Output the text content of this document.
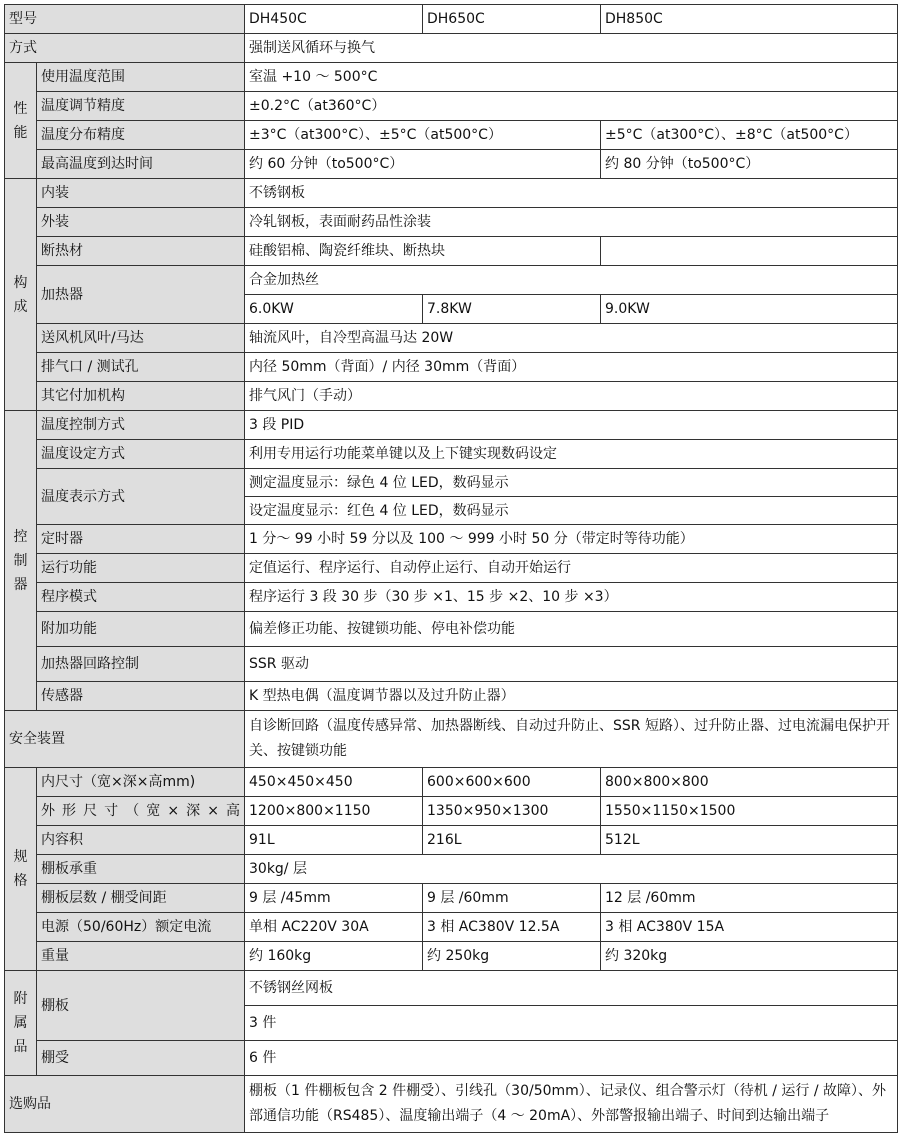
型号		DH450C	DH650C	DH850C
方式		强制送风循环与换气		

性
能	使用温度范围	室温 +10 ～ 500°C		
	温度调节精度	±0.2°C（at360°C）		
	温度分布精度	±3°C（at300°C）、±5°C（at500°C）		±5°C（at300°C）、±8°C（at500°C）
	最高温度到达时间	约 60 分钟（to500°C）		约 80 分钟（to500°C）

构
成	内装	不锈钢板		
	外装	冷轧钢板，表面耐药品性涂装		
	断热材	硅酸铝棉、陶瓷纤维块、断热块		
	加热器	合金加热丝		
		6.0KW	7.8KW	9.0KW
	送风机风叶/马达	轴流风叶，自冷型高温马达 20W		
	排气口 / 测试孔	内径 50mm（背面）/ 内径 30mm（背面）		
	其它付加机构	排气风门（手动）		

控
制
器	温度控制方式	3 段 PID		
	温度设定方式	利用专用运行功能菜单键以及上下键实现数码设定		
	温度表示方式	测定温度显示：绿色 4 位 LED，数码显示		
		设定温度显示：红色 4 位 LED，数码显示		
	定时器	1 分～ 99 小时 59 分以及 100 ～ 999 小时 50 分（带定时等待功能）		
	运行功能	定值运行、程序运行、自动停止运行、自动开始运行		
	程序模式	程序运行 3 段 30 步（30 步 ×1、15 步 ×2、10 步 ×3）		
	附加功能	偏差修正功能、按键锁功能、停电补偿功能		
	加热器回路控制	SSR 驱动		
	传感器	K 型热电偶（温度调节器以及过升防止器）		
安全装置		自诊断回路（温度传感异常、加热器断线、自动过升防止、SSR 短路）、过升防止器、过电流漏电保护开关、按键锁功能		

规
格	内尺寸（宽×深×高mm)	450×450×450	600×600×600	800×800×800
	外形尺寸（宽×深×高	1200×800×1150	1350×950×1300	1550×1150×1500
	内容积	91L	216L	512L
	棚板承重	30kg/ 层		
	棚板层数 / 棚受间距	9 层 /45mm	9 层 /60mm	12 层 /60mm
	电源（50/60Hz）额定电流	单相 AC220V 30A	3 相 AC380V 12.5A	3 相 AC380V 15A
	重量	约 160kg	约 250kg	约 320kg

附
属
品	棚板	不锈钢丝网板		
		3 件		
	棚受	6 件		
选购品		棚板（1 件棚板包含 2 件棚受）、引线孔（30/50mm）、记录仪、组合警示灯（待机 / 运行 / 故障）、外部通信功能（RS485）、温度输出端子（4 ～ 20mA）、外部警报输出端子、时间到达输出端子		
